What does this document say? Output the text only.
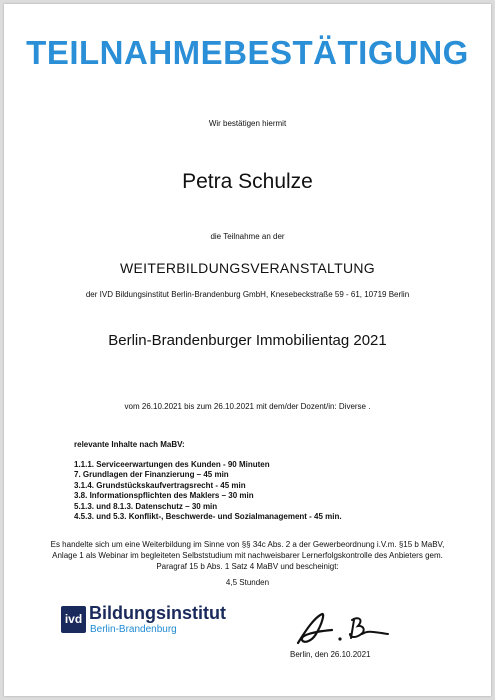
TEILNAHMEBESTÄTIGUNG
Wir bestätigen hiermit
Petra Schulze
die Teilnahme an der
WEITERBILDUNGSVERANSTALTUNG
der IVD Bildungsinstitut Berlin-Brandenburg GmbH, Knesebeckstraße 59 - 61, 10719 Berlin
Berlin-Brandenburger Immobilientag 2021
vom 26.10.2021 bis zum 26.10.2021 mit dem/der Dozent/in: Diverse .
relevante Inhalte nach MaBV:
1.1.1. Serviceerwartungen des Kunden - 90 Minuten
7. Grundlagen der Finanzierung – 45 min
3.1.4. Grundstückskaufvertragsrecht - 45 min
3.8. Informationspflichten des Maklers – 30 min
5.1.3. und 8.1.3. Datenschutz – 30 min
4.5.3. und 5.3. Konflikt-, Beschwerde- und Sozialmanagement - 45 min.
Es handelte sich um eine Weiterbildung im Sinne von §§ 34c Abs. 2 a der Gewerbeordnung i.V.m. §15 b MaBV,
Anlage 1 als Webinar im begleiteten Selbststudium mit nachweisbarer Lernerfolgskontrolle des Anbieters gem.
Paragraf 15 b Abs. 1 Satz 4 MaBV und bescheinigt:
4,5 Stunden
ivd Bildungsinstitut
Berlin-Brandenburg
Berlin, den 26.10.2021
